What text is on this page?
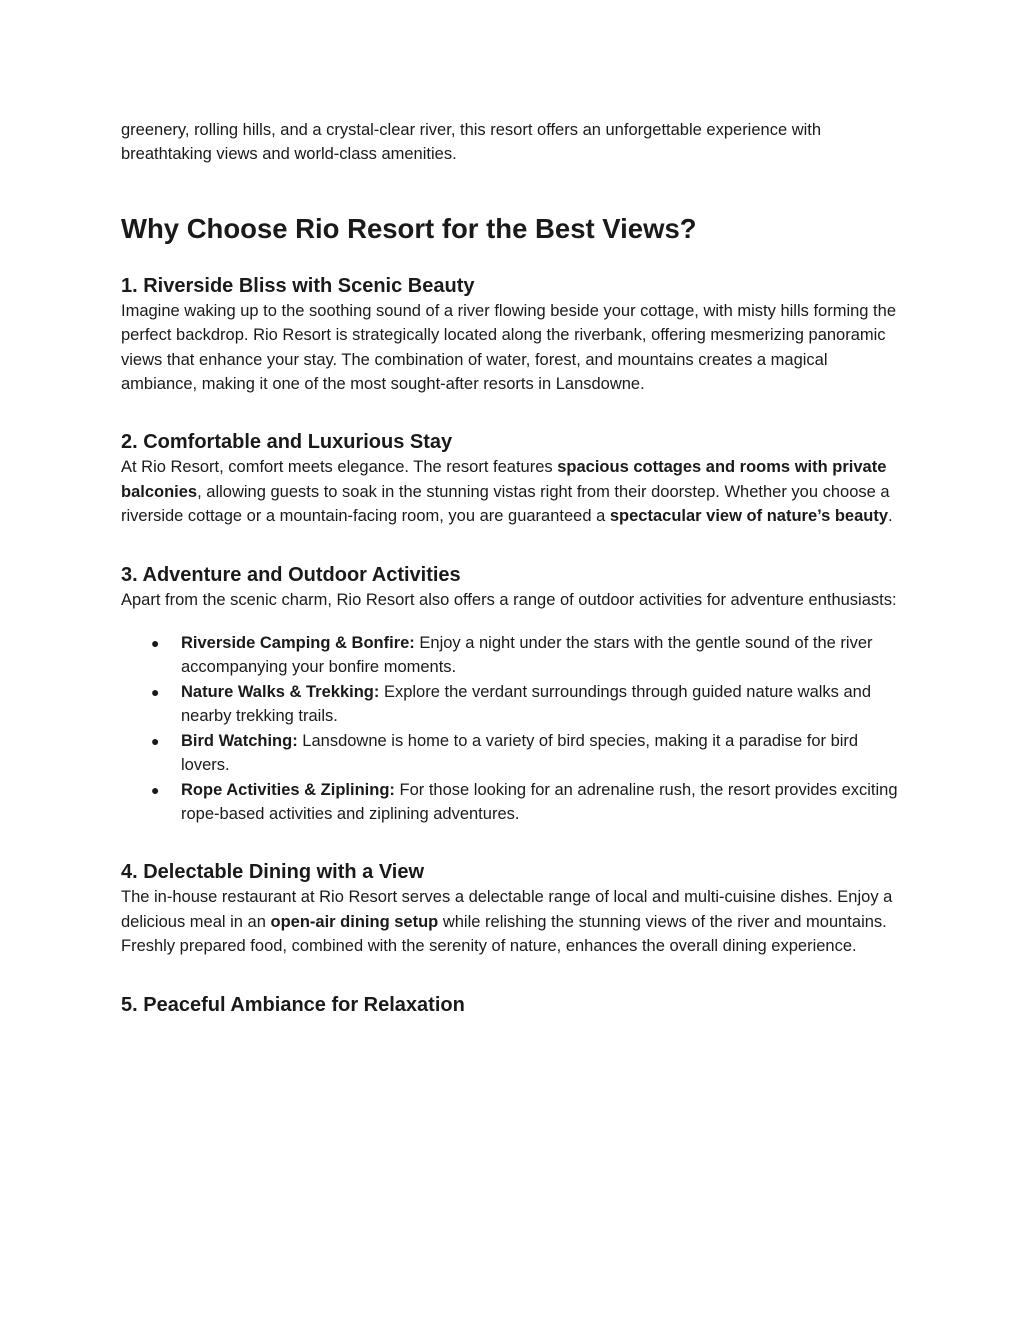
greenery, rolling hills, and a crystal-clear river, this resort offers an unforgettable experience with breathtaking views and world-class amenities.

Why Choose Rio Resort for the Best Views?
1. Riverside Bliss with Scenic Beauty

Imagine waking up to the soothing sound of a river flowing beside your cottage, with misty hills forming the perfect backdrop. Rio Resort is strategically located along the riverbank, offering mesmerizing panoramic views that enhance your stay. The combination of water, forest, and mountains creates a magical ambiance, making it one of the most sought-after resorts in Lansdowne.

2. Comfortable and Luxurious Stay

At Rio Resort, comfort meets elegance. The resort features spacious cottages and rooms with private balconies, allowing guests to soak in the stunning vistas right from their doorstep. Whether you choose a riverside cottage or a mountain-facing room, you are guaranteed a spectacular view of nature’s beauty.

3. Adventure and Outdoor Activities

Apart from the scenic charm, Rio Resort also offers a range of outdoor activities for adventure enthusiasts:

● Riverside Camping & Bonfire: Enjoy a night under the stars with the gentle sound of the river accompanying your bonfire moments.
● Nature Walks & Trekking: Explore the verdant surroundings through guided nature walks and nearby trekking trails.
● Bird Watching: Lansdowne is home to a variety of bird species, making it a paradise for bird lovers.
● Rope Activities & Ziplining: For those looking for an adrenaline rush, the resort provides exciting rope-based activities and ziplining adventures.
4. Delectable Dining with a View

The in-house restaurant at Rio Resort serves a delectable range of local and multi-cuisine dishes. Enjoy a delicious meal in an open-air dining setup while relishing the stunning views of the river and mountains. Freshly prepared food, combined with the serenity of nature, enhances the overall dining experience.

5. Peaceful Ambiance for Relaxation
